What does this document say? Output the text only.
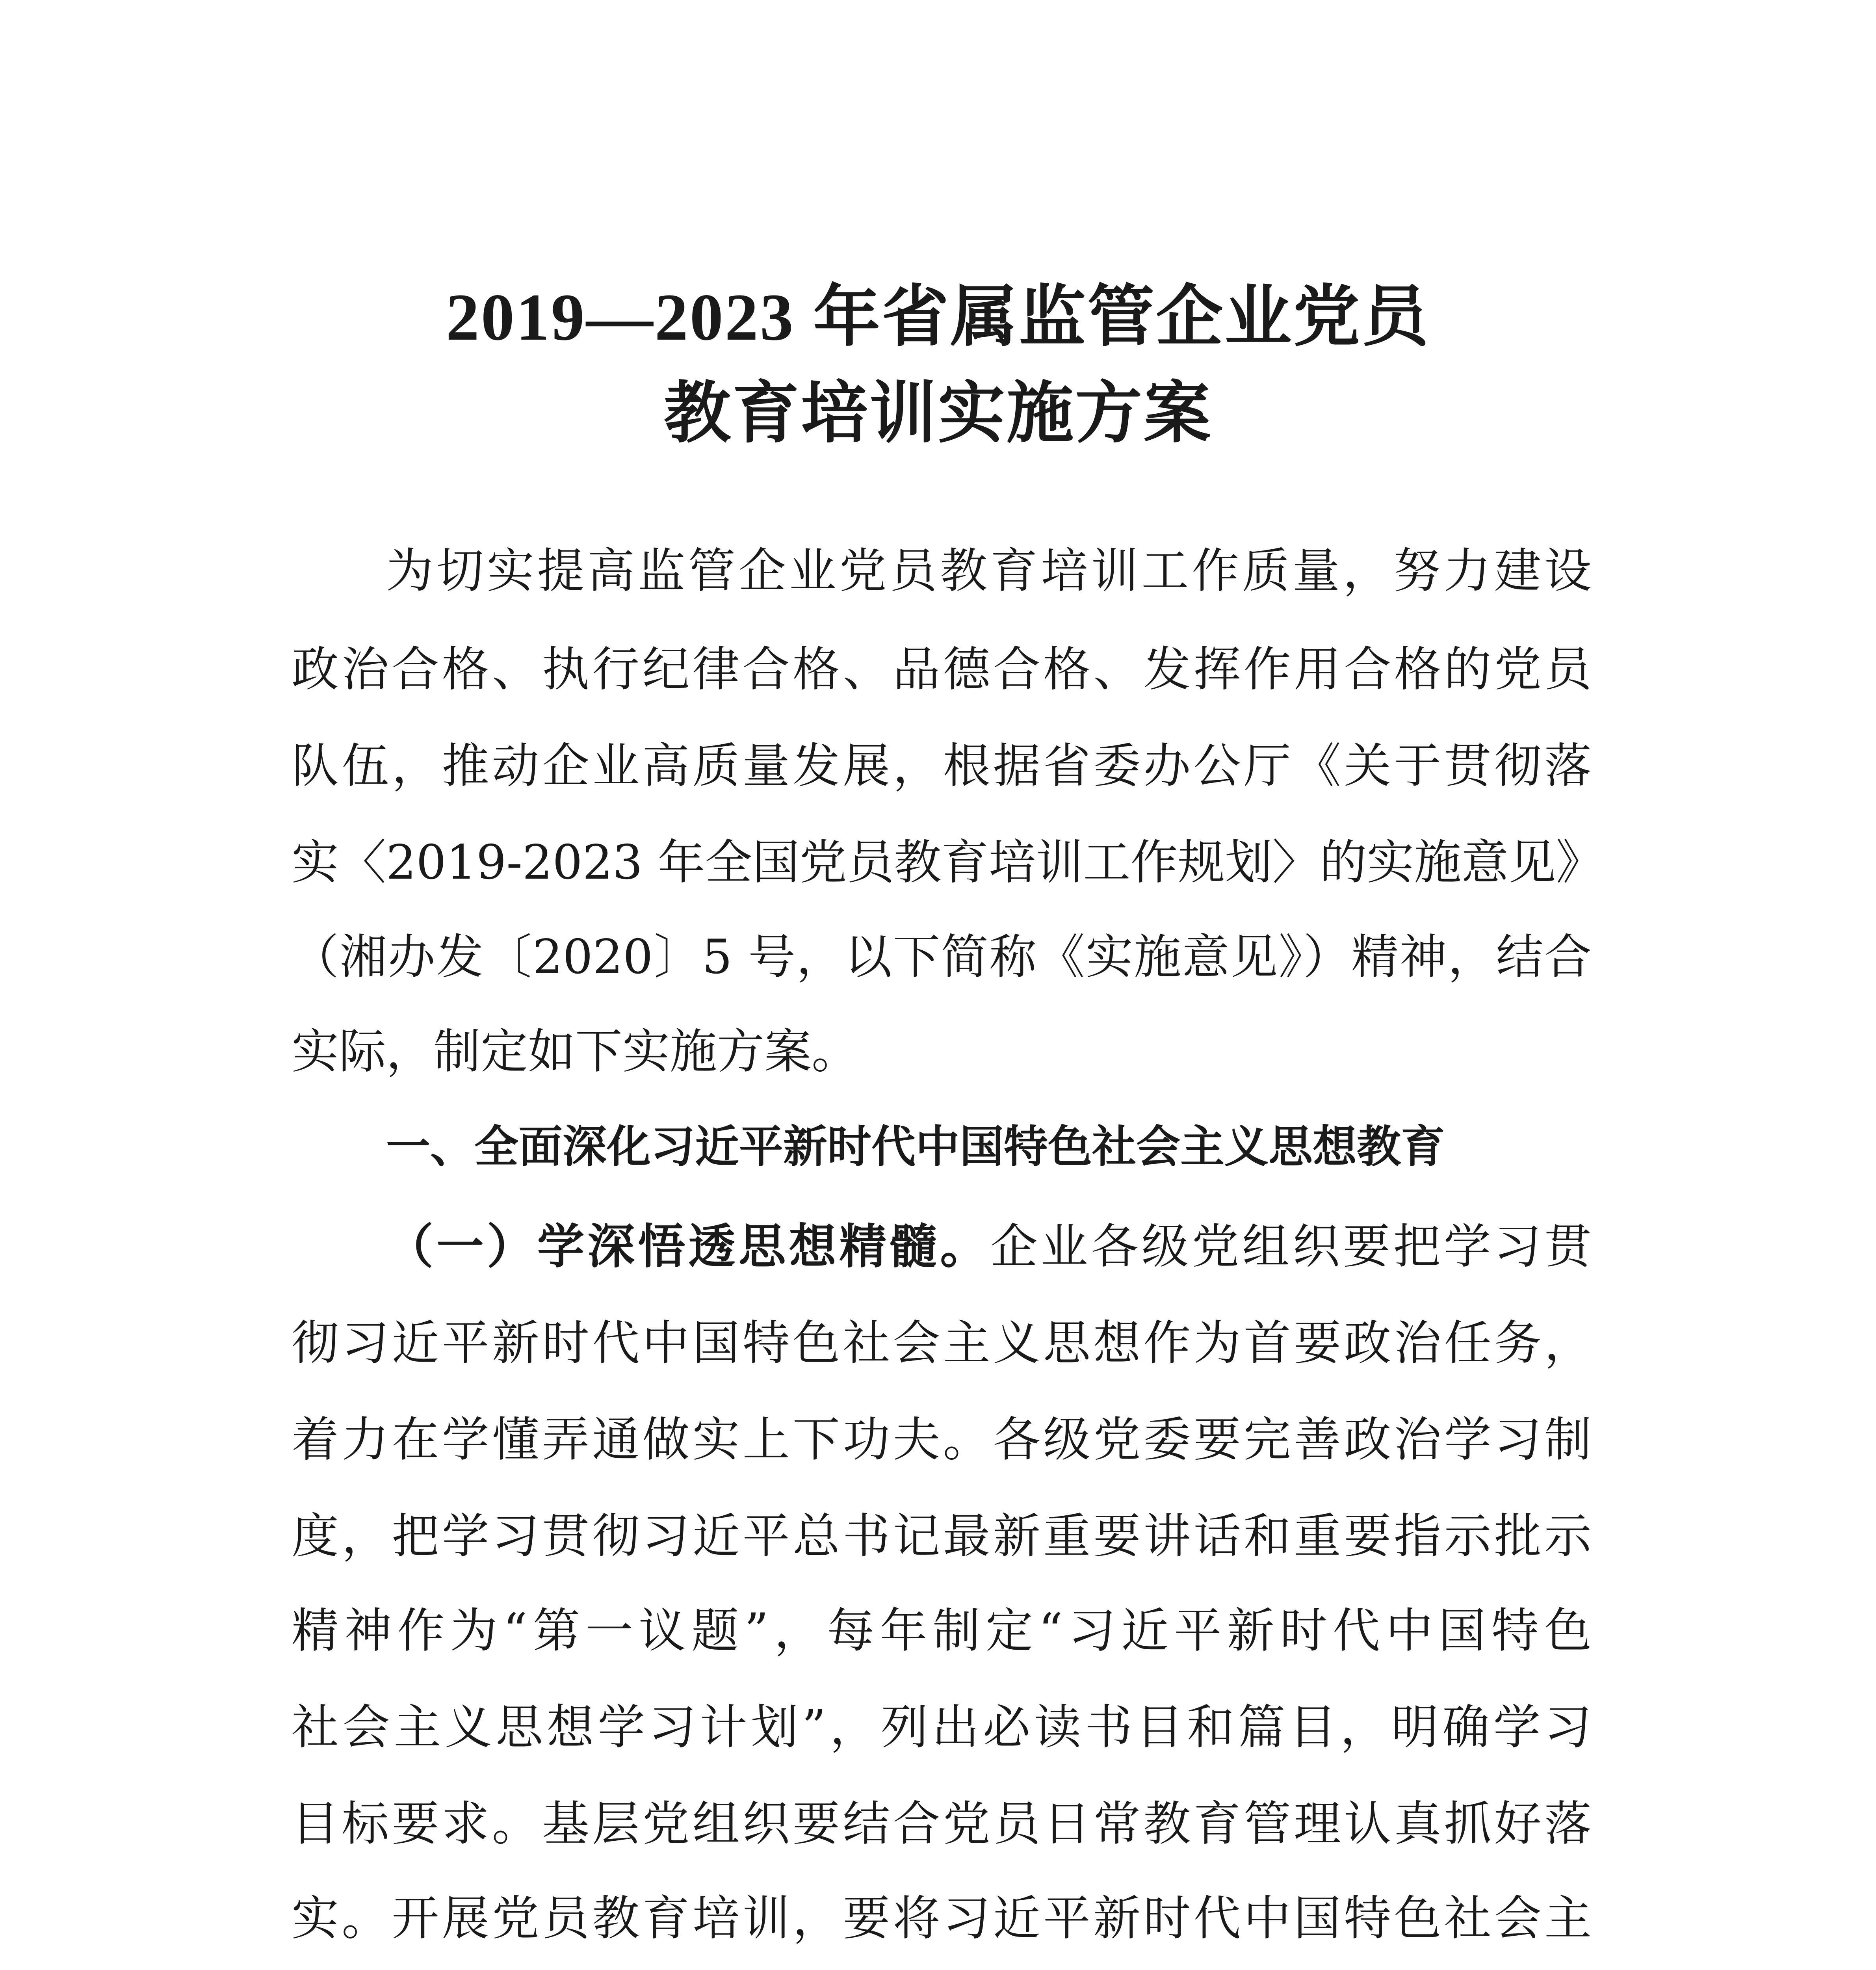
2019—2023 年省属监管企业党员
教育培训实施方案
为切实提高监管企业党员教育培训工作质量，努力建设
政治合格、执行纪律合格、品德合格、发挥作用合格的党员
队伍，推动企业高质量发展，根据省委办公厅《关于贯彻落
实〈2019-2023 年全国党员教育培训工作规划〉的实施意见》
（湘办发〔2020〕5 号，以下简称《实施意见》）精神，结合
实际，制定如下实施方案。
一、全面深化习近平新时代中国特色社会主义思想教育
（一）学深悟透思想精髓。企业各级党组织要把学习贯
彻习近平新时代中国特色社会主义思想作为首要政治任务，
着力在学懂弄通做实上下功夫。各级党委要完善政治学习制
度，把学习贯彻习近平总书记最新重要讲话和重要指示批示
精神作为“第一议题”，每年制定“习近平新时代中国特色
社会主义思想学习计划”，列出必读书目和篇目，明确学习
目标要求。基层党组织要结合党员日常教育管理认真抓好落
实。开展党员教育培训，要将习近平新时代中国特色社会主
